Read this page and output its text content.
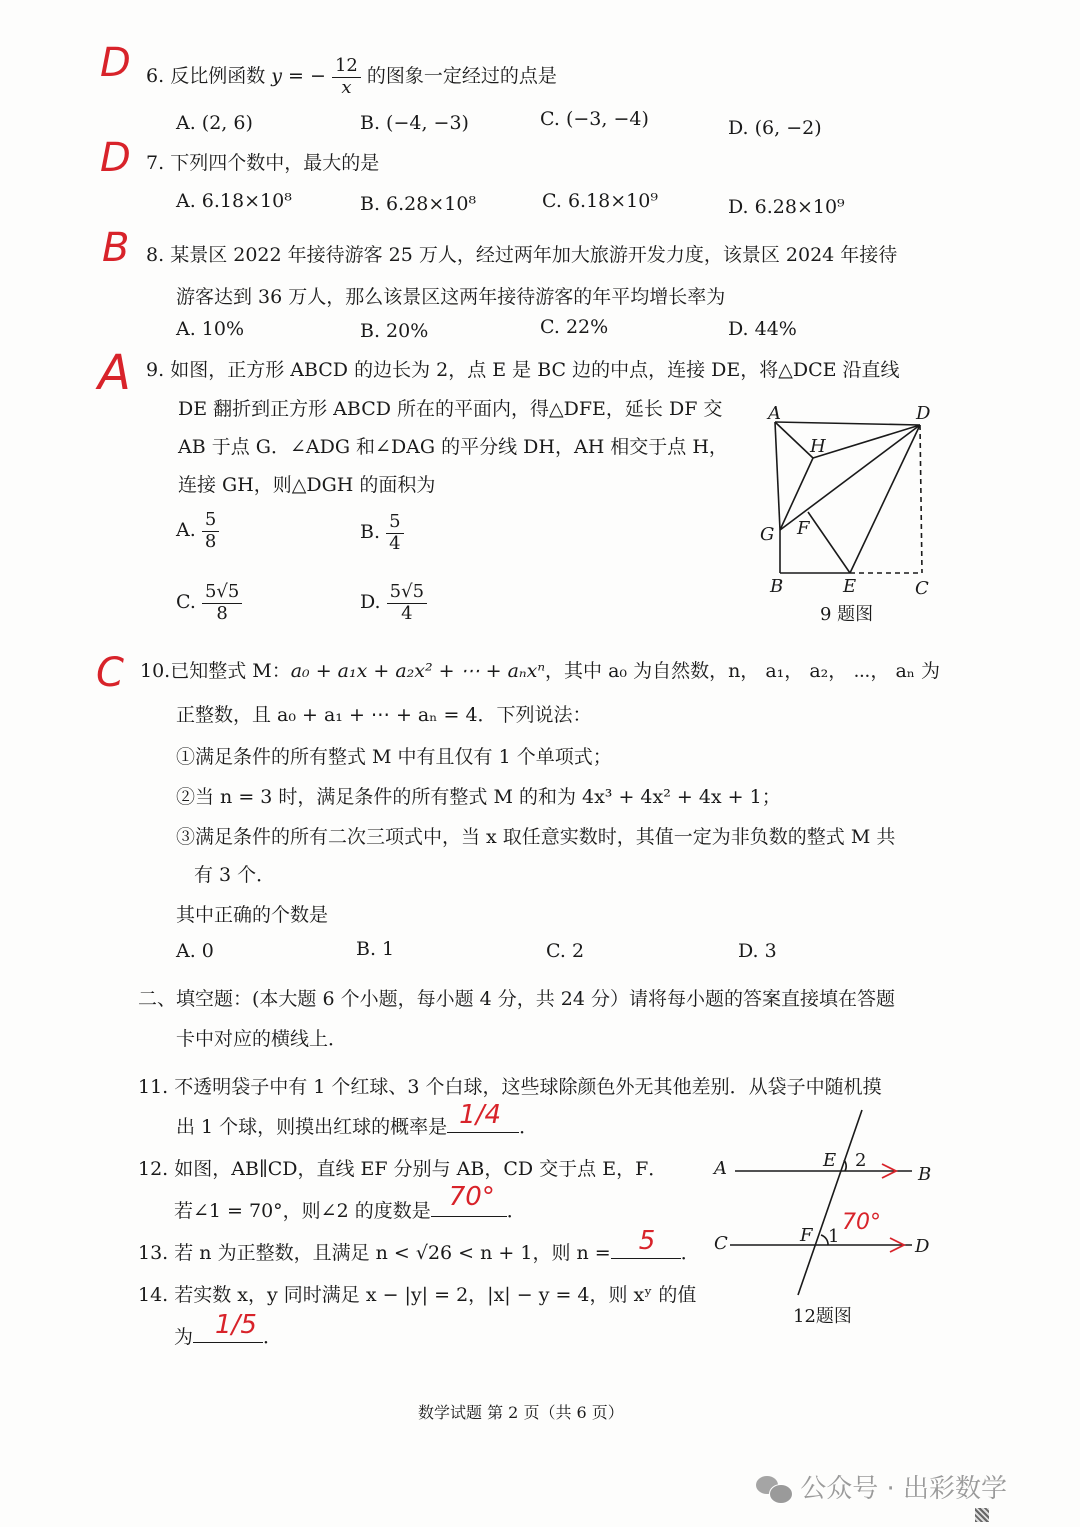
D
D
B
A
C
6. 反比例函数 y = − $\frac{12}{x}$ 的图象一定经过的点是
A. (2, 6)	B. (−4, −3)	C. (−3, −4)	D. (6, −2)
7. 下列四个数中，最大的是
A. 6.18×10⁸	B. 6.28×10⁸	C. 6.18×10⁹	D. 6.28×10⁹
8. 某景区 2022 年接待游客 25 万人，经过两年加大旅游开发力度，该景区 2024 年接待
游客达到 36 万人，那么该景区这两年接待游客的年平均增长率为
A. 10%	B. 20%	C. 22%	D. 44%
9. 如图，正方形 ABCD 的边长为 2，点 E 是 BC 边的中点，连接 DE，将△DCE 沿直线
DE 翻折到正方形 ABCD 所在的平面内，得△DFE，延长 DF 交
AB 于点 G．∠ADG 和∠DAG 的平分线 DH，AH 相交于点 H，
连接 GH，则△DGH 的面积为
A. $\frac{5}{8}$	B. $\frac{5}{4}$
C. $\frac{5√5}{8}$	D. $\frac{5√5}{4}$
A	D
H
G F
B	E	C
9 题图
10.已知整式 M：a₀ + a₁x + a₂x² + ⋯ + aₙxⁿ，其中 a₀ 为自然数，n， a₁， a₂， ⋯， aₙ 为
正整数，且 a₀ + a₁ + ⋯ + aₙ = 4．下列说法：
①满足条件的所有整式 M 中有且仅有 1 个单项式；
②当 n = 3 时，满足条件的所有整式 M 的和为 4x³ + 4x² + 4x + 1；
③满足条件的所有二次三项式中，当 x 取任意实数时，其值一定为非负数的整式 M 共
有 3 个．
其中正确的个数是
A. 0	B. 1	C. 2	D. 3
二、填空题：(本大题 6 个小题，每小题 4 分，共 24 分）请将每小题的答案直接填在答题
卡中对应的横线上．
11. 不透明袋子中有 1 个红球、3 个白球，这些球除颜色外无其他差别．从袋子中随机摸
出 1 个球，则摸出红球的概率是 1/4 ．
12. 如图，AB∥CD，直线 EF 分别与 AB，CD 交于点 E，F．
若∠1 = 70°，则∠2 的度数是 70° ．
A	B
C	D
E
F 1
2
70°
12题图
13. 若 n 为正整数，且满足 n < √26 < n + 1，则 n = 5 ．
14. 若实数 x，y 同时满足 x − |y| = 2，|x| − y = 4，则 xʸ 的值
为 1/5 ．
数学试题 第 2 页（共 6 页）
公众号 · 出彩数学
